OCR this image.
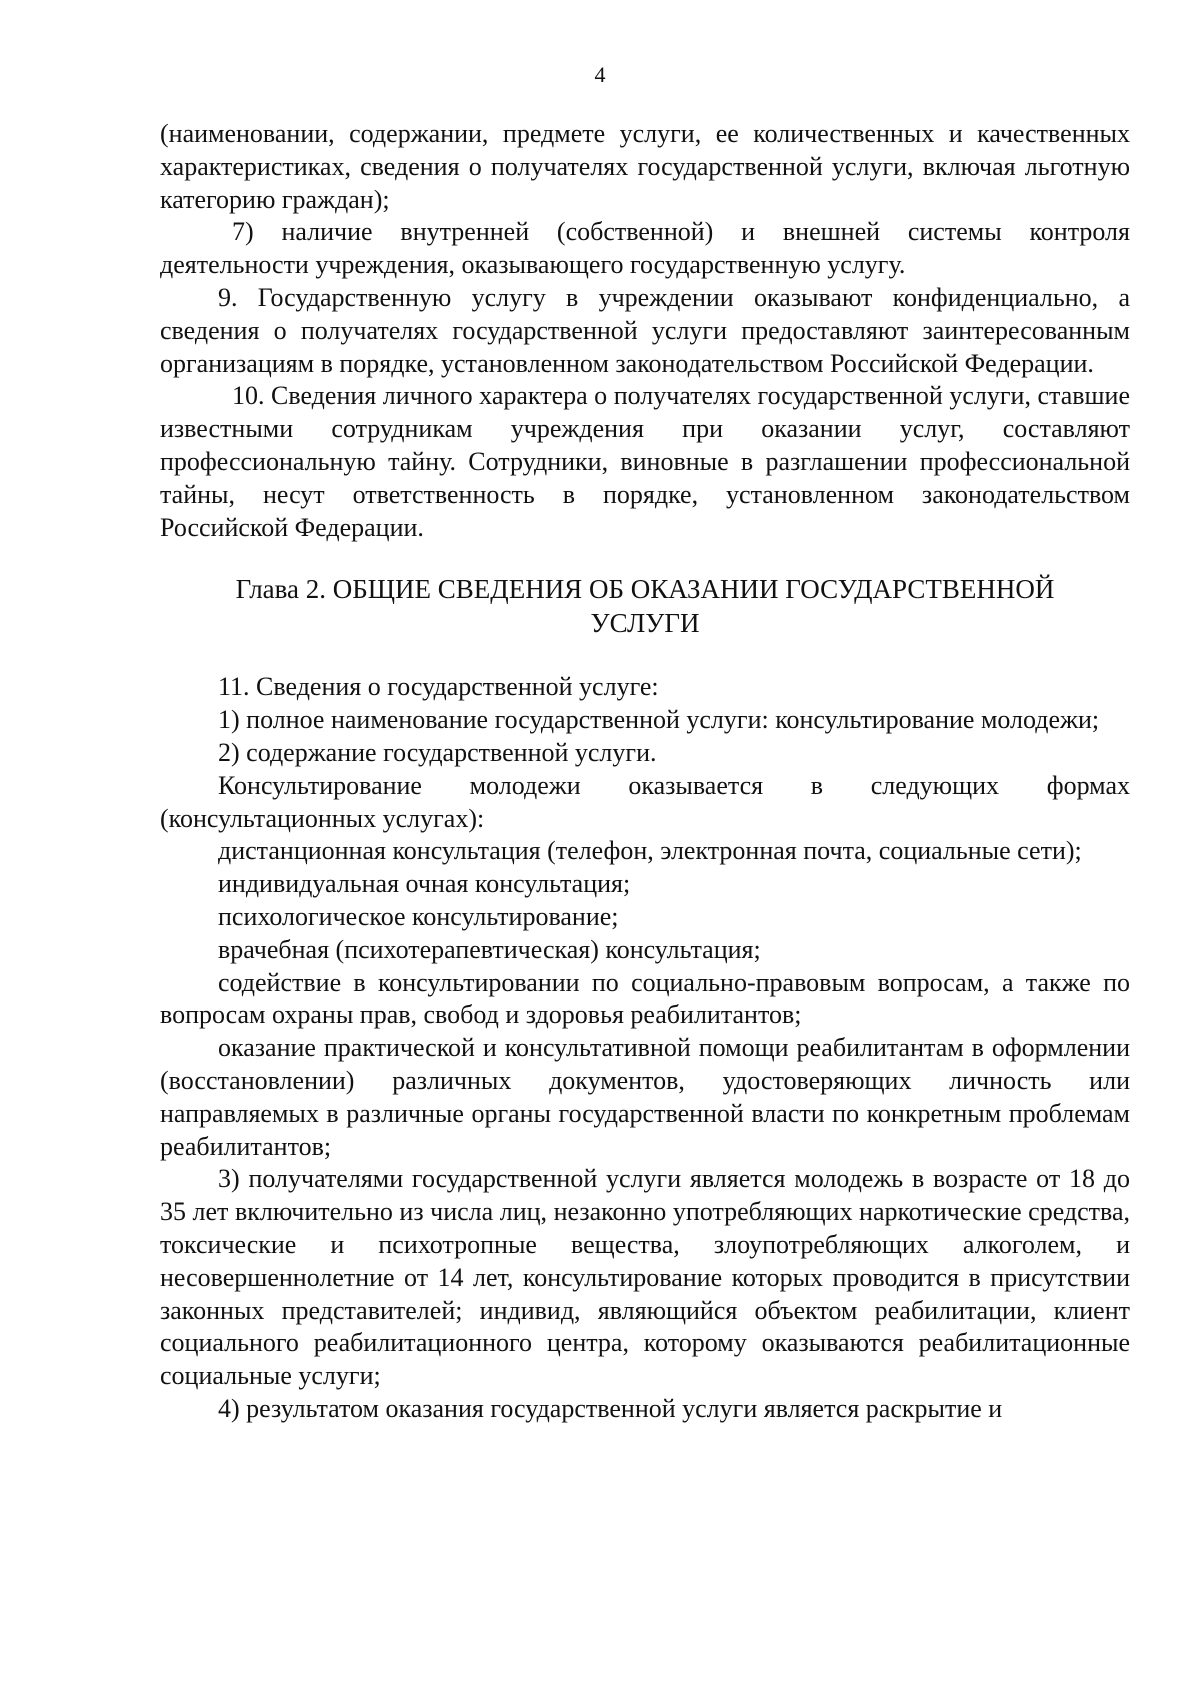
4

(наименовании, содержании, предмете услуги, ее количественных и качественных характеристиках, сведения о получателях государственной услуги, включая льготную категорию граждан);

7) наличие внутренней (собственной) и внешней системы контроля деятельности учреждения, оказывающего государственную услугу.

9. Государственную услугу в учреждении оказывают конфиденциально, а сведения о получателях государственной услуги предоставляют заинтересованным организациям в порядке, установленном законодательством Российской Федерации.

10. Сведения личного характера о получателях государственной услуги, ставшие известными сотрудникам учреждения при оказании услуг, составляют профессиональную тайну. Сотрудники, виновные в разглашении профессиональной тайны, несут ответственность в порядке, установленном законодательством Российской Федерации.

Глава 2. ОБЩИЕ СВЕДЕНИЯ ОБ ОКАЗАНИИ ГОСУДАРСТВЕННОЙ
УСЛУГИ

11. Сведения о государственной услуге:

1) полное наименование государственной услуги: консультирование молодежи;

2) содержание государственной услуги.

Консультирование молодежи оказывается в следующих формах (консультационных услугах):

дистанционная консультация (телефон, электронная почта, социальные сети);

индивидуальная очная консультация;

психологическое консультирование;

врачебная (психотерапевтическая) консультация;

содействие в консультировании по социально-правовым вопросам, а также по вопросам охраны прав, свобод и здоровья реабилитантов;

оказание практической и консультативной помощи реабилитантам в оформлении (восстановлении) различных документов, удостоверяющих личность или направляемых в различные органы государственной власти по конкретным проблемам реабилитантов;

3) получателями государственной услуги является молодежь в возрасте от 18 до 35 лет включительно из числа лиц, незаконно употребляющих наркотические средства, токсические и психотропные вещества, злоупотребляющих алкоголем, и несовершеннолетние от 14 лет, консультирование которых проводится в присутствии законных представителей; индивид, являющийся объектом реабилитации, клиент социального реабилитационного центра, которому оказываются реабилитационные социальные услуги;

4) результатом оказания государственной услуги является раскрытие и
